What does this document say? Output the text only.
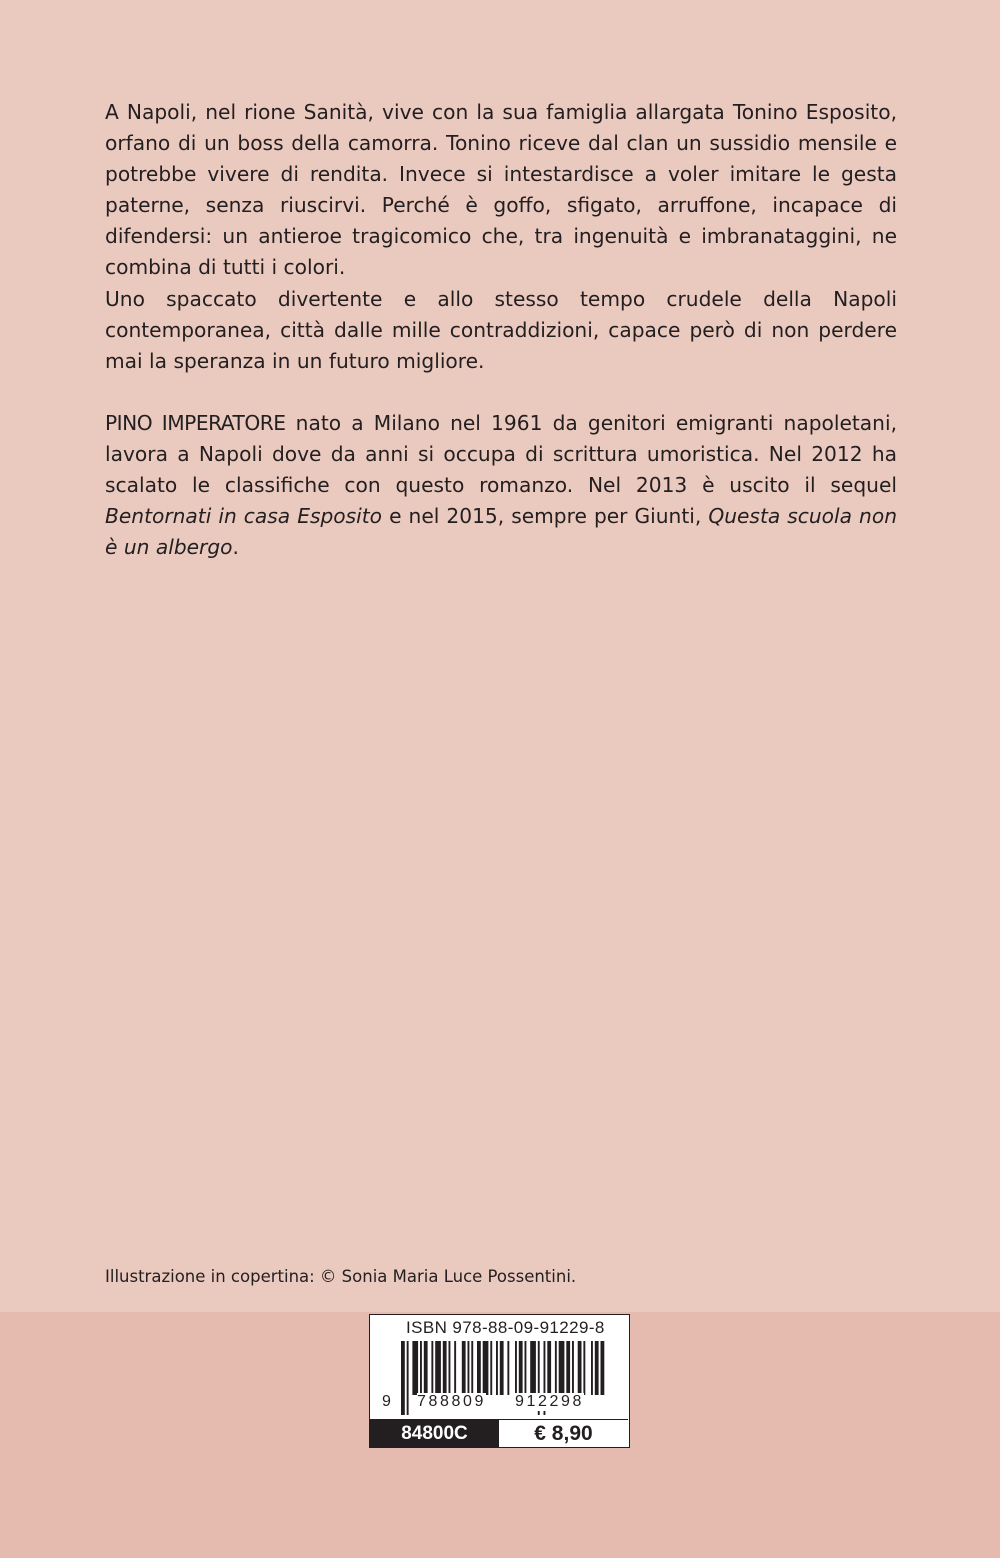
A Napoli, nel rione Sanità, vive con la sua famiglia allargata Tonino Esposito, orfano di un boss della camorra. Tonino riceve dal clan un sussidio mensile e potrebbe vivere di rendita. Invece si intestardisce a voler imitare le gesta paterne, senza riuscirvi. Perché è goffo, sfigato, arruffone, incapace di difendersi: un antieroe tragicomico che, tra ingenuità e imbranataggini, ne combina di tutti i colori.

Uno spaccato divertente e allo stesso tempo crudele della Napoli contemporanea, città dalle mille contraddizioni, capace però di non perdere mai la speranza in un futuro migliore.

PINO IMPERATORE nato a Milano nel 1961 da genitori emigranti napoletani, lavora a Napoli dove da anni si occupa di scrittura umoristica. Nel 2012 ha scalato le classifiche con questo romanzo. Nel 2013 è uscito il sequel Bentornati in casa Esposito e nel 2015, sempre per Giunti, Questa scuola non è un albergo.

Illustrazione in copertina: © Sonia Maria Luce Possentini.
ISBN 978-88-09-91229-8
9 788809 912298
84800C	€ 8,90
